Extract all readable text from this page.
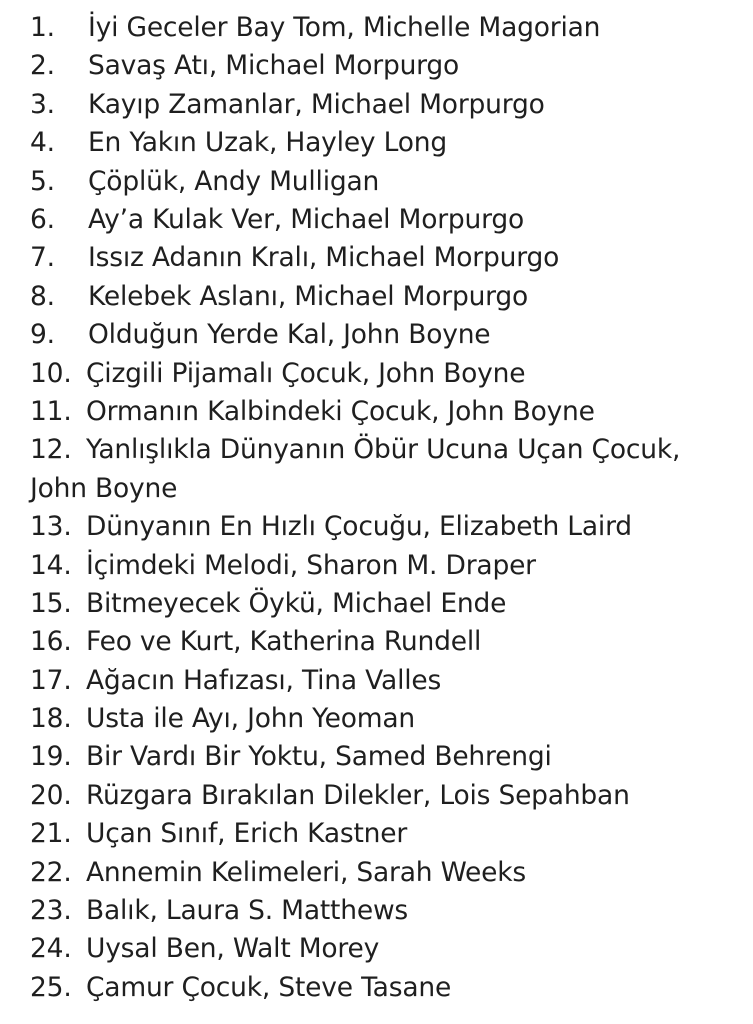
1. İyi Geceler Bay Tom, Michelle Magorian
2. Savaş Atı, Michael Morpurgo
3. Kayıp Zamanlar, Michael Morpurgo
4. En Yakın Uzak, Hayley Long
5. Çöplük, Andy Mulligan
6. Ay’a Kulak Ver, Michael Morpurgo
7. Issız Adanın Kralı, Michael Morpurgo
8. Kelebek Aslanı, Michael Morpurgo
9. Olduğun Yerde Kal, John Boyne
10. Çizgili Pijamalı Çocuk, John Boyne
11. Ormanın Kalbindeki Çocuk, John Boyne
12. Yanlışlıkla Dünyanın Öbür Ucuna Uçan Çocuk, John Boyne
13. Dünyanın En Hızlı Çocuğu, Elizabeth Laird
14. İçimdeki Melodi, Sharon M. Draper
15. Bitmeyecek Öykü, Michael Ende
16. Feo ve Kurt, Katherina Rundell
17. Ağacın Hafızası, Tina Valles
18. Usta ile Ayı, John Yeoman
19. Bir Vardı Bir Yoktu, Samed Behrengi
20. Rüzgara Bırakılan Dilekler, Lois Sepahban
21. Uçan Sınıf, Erich Kastner
22. Annemin Kelimeleri, Sarah Weeks
23. Balık, Laura S. Matthews
24. Uysal Ben, Walt Morey
25. Çamur Çocuk, Steve Tasane
